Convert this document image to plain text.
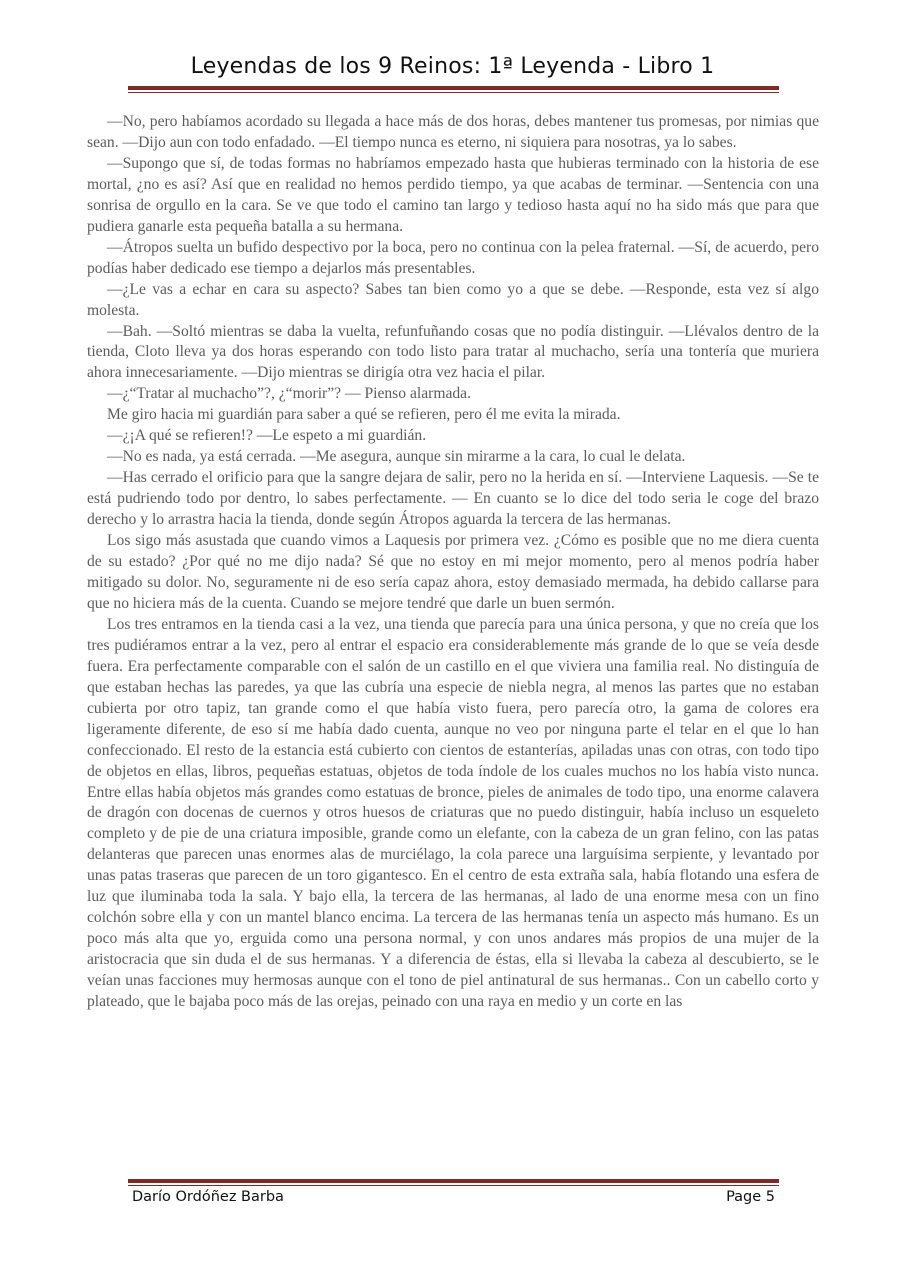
Leyendas de los 9 Reinos: 1ª Leyenda - Libro 1

—No, pero habíamos acordado su llegada a hace más de dos horas, debes mantener tus promesas, por nimias que sean. —Dijo aun con todo enfadado. —El tiempo nunca es eterno, ni siquiera para nosotras, ya lo sabes.

—Supongo que sí, de todas formas no habríamos empezado hasta que hubieras terminado con la historia de ese mortal, ¿no es así? Así que en realidad no hemos perdido tiempo, ya que acabas de terminar. —Sentencia con una sonrisa de orgullo en la cara. Se ve que todo el camino tan largo y tedioso hasta aquí no ha sido más que para que pudiera ganarle esta pequeña batalla a su hermana.

—Átropos suelta un bufido despectivo por la boca, pero no continua con la pelea fraternal. —Sí, de acuerdo, pero podías haber dedicado ese tiempo a dejarlos más presentables.

—¿Le vas a echar en cara su aspecto? Sabes tan bien como yo a que se debe. —Responde, esta vez sí algo molesta.

—Bah. —Soltó mientras se daba la vuelta, refunfuñando cosas que no podía distinguir. —Llévalos dentro de la tienda, Cloto lleva ya dos horas esperando con todo listo para tratar al muchacho, sería una tontería que muriera ahora innecesariamente. —Dijo mientras se dirigía otra vez hacia el pilar.

—¿“Tratar al muchacho”?, ¿“morir”? — Pienso alarmada.

Me giro hacia mi guardián para saber a qué se refieren, pero él me evita la mirada.

—¿¡A qué se refieren!? —Le espeto a mi guardián.

—No es nada, ya está cerrada. —Me asegura, aunque sin mirarme a la cara, lo cual le delata.

—Has cerrado el orificio para que la sangre dejara de salir, pero no la herida en sí. —Interviene Laquesis. —Se te está pudriendo todo por dentro, lo sabes perfectamente. — En cuanto se lo dice del todo seria le coge del brazo derecho y lo arrastra hacia la tienda, donde según Átropos aguarda la tercera de las hermanas.

Los sigo más asustada que cuando vimos a Laquesis por primera vez. ¿Cómo es posible que no me diera cuenta de su estado? ¿Por qué no me dijo nada? Sé que no estoy en mi mejor momento, pero al menos podría haber mitigado su dolor. No, seguramente ni de eso sería capaz ahora, estoy demasiado mermada, ha debido callarse para que no hiciera más de la cuenta. Cuando se mejore tendré que darle un buen sermón.

Los tres entramos en la tienda casi a la vez, una tienda que parecía para una única persona, y que no creía que los tres pudiéramos entrar a la vez, pero al entrar el espacio era considerablemente más grande de lo que se veía desde fuera. Era perfectamente comparable con el salón de un castillo en el que viviera una familia real. No distinguía de que estaban hechas las paredes, ya que las cubría una especie de niebla negra, al menos las partes que no estaban cubierta por otro tapiz, tan grande como el que había visto fuera, pero parecía otro, la gama de colores era ligeramente diferente, de eso sí me había dado cuenta, aunque no veo por ninguna parte el telar en el que lo han confeccionado. El resto de la estancia está cubierto con cientos de estanterías, apiladas unas con otras, con todo tipo de objetos en ellas, libros, pequeñas estatuas, objetos de toda índole de los cuales muchos no los había visto nunca. Entre ellas había objetos más grandes como estatuas de bronce, pieles de animales de todo tipo, una enorme calavera de dragón con docenas de cuernos y otros huesos de criaturas que no puedo distinguir, había incluso un esqueleto completo y de pie de una criatura imposible, grande como un elefante, con la cabeza de un gran felino, con las patas delanteras que parecen unas enormes alas de murciélago, la cola parece una larguísima serpiente, y levantado por unas patas traseras que parecen de un toro gigantesco. En el centro de esta extraña sala, había flotando una esfera de luz que iluminaba toda la sala. Y bajo ella, la tercera de las hermanas, al lado de una enorme mesa con un fino colchón sobre ella y con un mantel blanco encima. La tercera de las hermanas tenía un aspecto más humano. Es un poco más alta que yo, erguida como una persona normal, y con unos andares más propios de una mujer de la aristocracia que sin duda el de sus hermanas. Y a diferencia de éstas, ella si llevaba la cabeza al descubierto, se le veían unas facciones muy hermosas aunque con el tono de piel antinatural de sus hermanas.. Con un cabello corto y plateado, que le bajaba poco más de las orejas, peinado con una raya en medio y un corte en las

Darío Ordóñez Barba	Page 5
